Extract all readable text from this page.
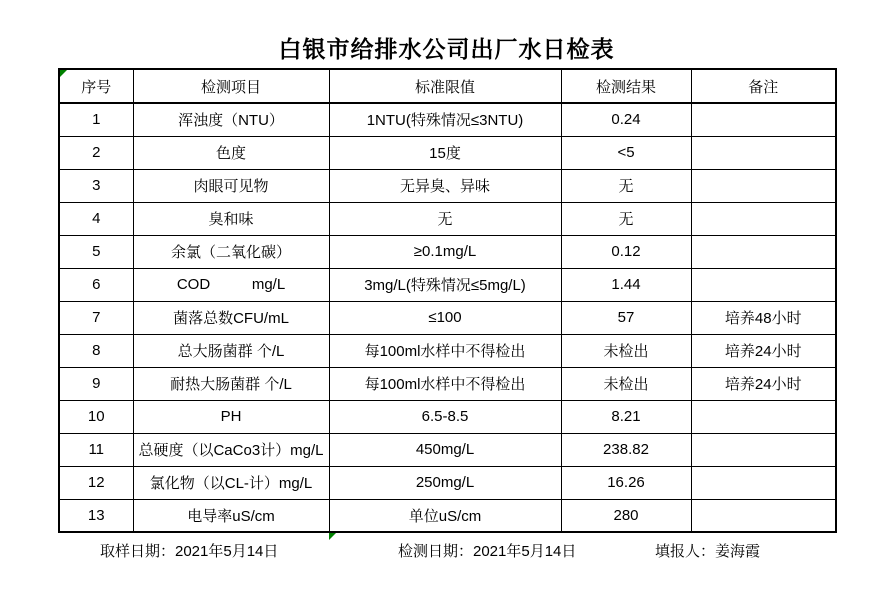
白银市给排水公司出厂水日检表
序号	检测项目	标准限值	检测结果	备注
1	浑浊度（NTU）	1NTU(特殊情况≤3NTU)	0.24	
2	色度	15度	<5	
3	肉眼可见物	无异臭、异味	无	
4	臭和味	无	无	
5	余氯（二氧化碳）	≥0.1mg/L	0.12	
6	COD          mg/L	3mg/L(特殊情况≤5mg/L)	1.44	
7	菌落总数CFU/mL	≤100	57	培养48小时
8	总大肠菌群 个/L	每100ml水样中不得检出	未检出	培养24小时
9	耐热大肠菌群 个/L	每100ml水样中不得检出	未检出	培养24小时
10	PH	6.5-8.5	8.21	
11	总硬度（以CaCo3计）mg/L	450mg/L	238.82	
12	氯化物（以CL-计）mg/L	250mg/L	16.26	
13	电导率uS/cm	单位uS/cm	280	
取样日期：2021年5月14日	检测日期：2021年5月14日	填报人：姜海霞
